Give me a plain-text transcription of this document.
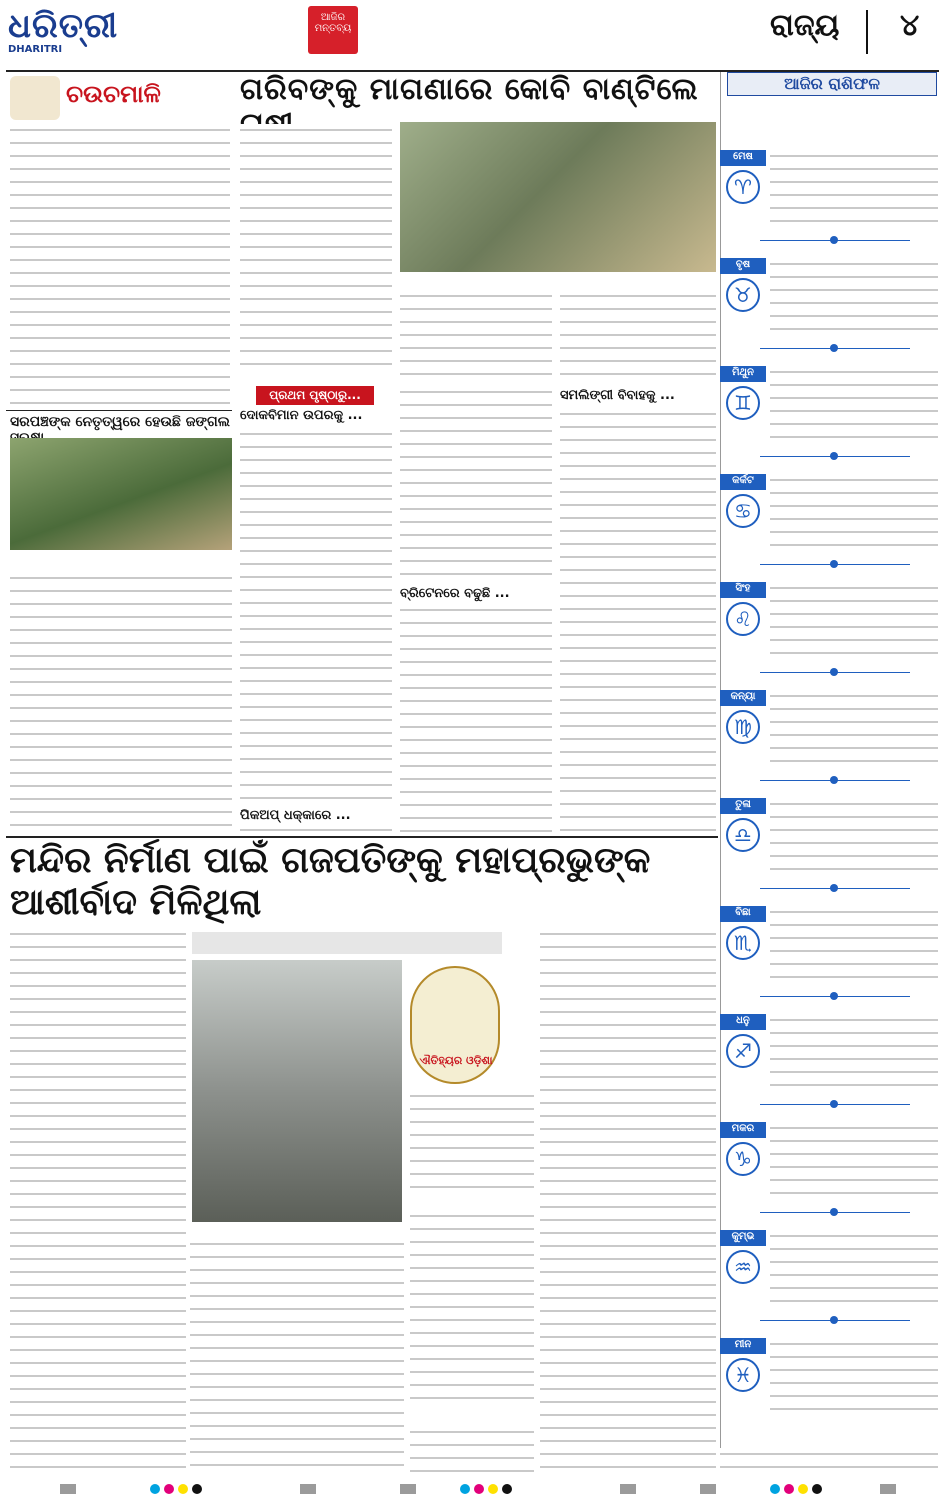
ଧରିତ୍ରୀ
DHARITRI
ଆଜିର ମନ୍ତବ୍ୟ	ରାଜ୍ୟ ୪
ଚଉଚମାଳି	ଗରିବଙ୍କୁ ମାଗଣାରେ କୋବି ବାଣ୍ଟିଲେ
ସରପଞ୍ଚଙ୍କ ନେତୃତ୍ୱରେ ହେଉଛି ଜଙ୍ଗଲ
ପ୍ରଥମ ପୃଷ୍ଠାରୁ...
ଦୋକବିମାନ ଉପରକୁ ...
ପିକଅପ୍ ଧକ୍କାରେ ...
ବ୍ରିଟେନରେ ବଢୁଛି ...
ସମଲିଙ୍ଗୀ ବିବାହକୁ ...
ଆଜିର ରାଶିଫଳ
ମେଷ
♈
ବୃଷ
♉
ମିଥୁନ
♊
କର୍କଟ
♋
ସିଂହ
♌
କନ୍ୟା
♍
ତୁଳା
♎
ବିଛା
♏
ଧନୁ
♐
ମକର
♑
କୁମ୍ଭ
♒
ମୀନ
♓
ମନ୍ଦିର ନିର୍ମାଣ ପାଇଁ ଗଜପତିଙ୍କୁ ମହାପ୍ରଭୁଙ୍କ ଆଶୀର୍ବାଦ ମିଳିଥିଲା
ଐତିହ୍ୟର ଓଡ଼ିଶା
